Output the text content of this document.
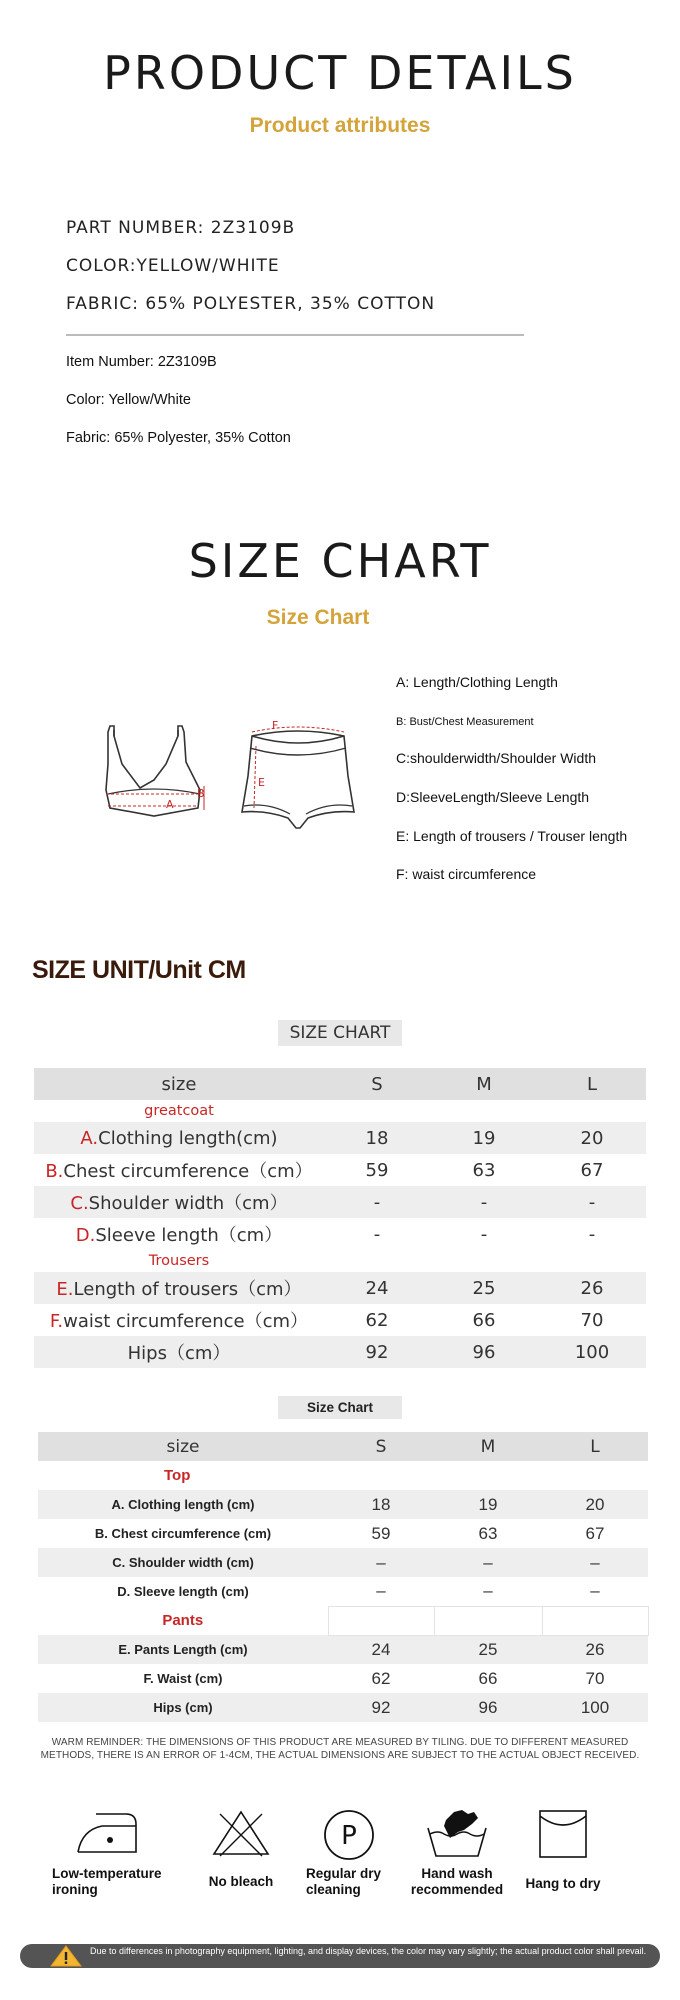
PRODUCT DETAILS
Product attributes
PART NUMBER: 2Z3109B
COLOR:YELLOW/WHITE
FABRIC: 65% POLYESTER, 35% COTTON
Item Number: 2Z3109B
Color: Yellow/White
Fabric: 65% Polyester, 35% Cotton
SIZE CHART
Size Chart
A
B
F
E
A: Length/Clothing Length
B: Bust/Chest Measurement
C:shoulderwidth/Shoulder Width
D:SleeveLength/Sleeve Length
E: Length of trousers / Trouser length
F: waist circumference
SIZE UNIT/Unit CM
SIZE CHART
size	S	M	L
greatcoat			
A.Clothing length(cm)	18	19	20
B.Chest circumference（cm）	59	63	67
C.Shoulder width（cm）	-	-	-
D.Sleeve length（cm）	-	-	-
Trousers			
E.Length of trousers（cm）	24	25	26
F.waist circumference（cm）	62	66	70
Hips（cm）	92	96	100
Size Chart
size	S	M	L
Top			
A. Clothing length (cm)	18	19	20
B. Chest circumference (cm)	59	63	67
C. Shoulder width (cm)	–	–	–
D. Sleeve length (cm)	–	–	–
Pants			
E. Pants Length (cm)	24	25	26
F. Waist (cm)	62	66	70
Hips (cm)	92	96	100
WARM REMINDER: THE DIMENSIONS OF THIS PRODUCT ARE MEASURED BY TILING. DUE TO DIFFERENT MEASURED METHODS, THERE IS AN ERROR OF 1-4CM, THE ACTUAL DIMENSIONS ARE SUBJECT TO THE ACTUAL OBJECT RECEIVED.
Low-temperature ironing
No bleach
P
Regular dry cleaning
Hand wash recommended	Hang to dry
Due to differences in photography equipment, lighting, and display devices, the color may vary slightly; the actual product color shall prevail.
